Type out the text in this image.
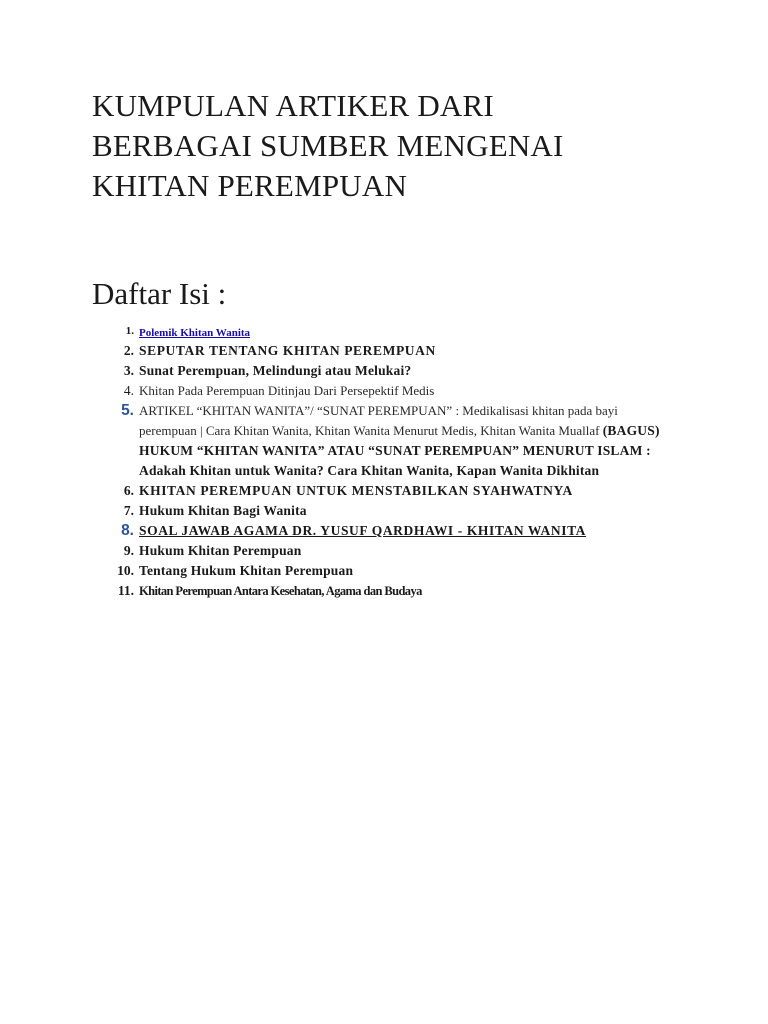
KUMPULAN ARTIKER DARI
BERBAGAI SUMBER MENGENAI
KHITAN PEREMPUAN
Daftar Isi :
1. Polemik Khitan Wanita
2. SEPUTAR TENTANG KHITAN PEREMPUAN
3. Sunat Perempuan, Melindungi atau Melukai?
4. Khitan Pada Perempuan Ditinjau Dari Persepektif Medis
5. ARTIKEL “KHITAN WANITA”/ “SUNAT PEREMPUAN” : Medikalisasi khitan pada bayi perempuan | Cara Khitan Wanita, Khitan Wanita Menurut Medis, Khitan Wanita Muallaf (BAGUS) HUKUM “KHITAN WANITA” ATAU “SUNAT PEREMPUAN” MENURUT ISLAM : Adakah Khitan untuk Wanita? Cara Khitan Wanita, Kapan Wanita Dikhitan
6. KHITAN PEREMPUAN UNTUK MENSTABILKAN SYAHWATNYA
7. Hukum Khitan Bagi Wanita
8. SOAL JAWAB AGAMA DR. YUSUF QARDHAWI - KHITAN WANITA
9. Hukum Khitan Perempuan
10. Tentang Hukum Khitan Perempuan
11. Khitan Perempuan Antara Kesehatan, Agama dan Budaya
